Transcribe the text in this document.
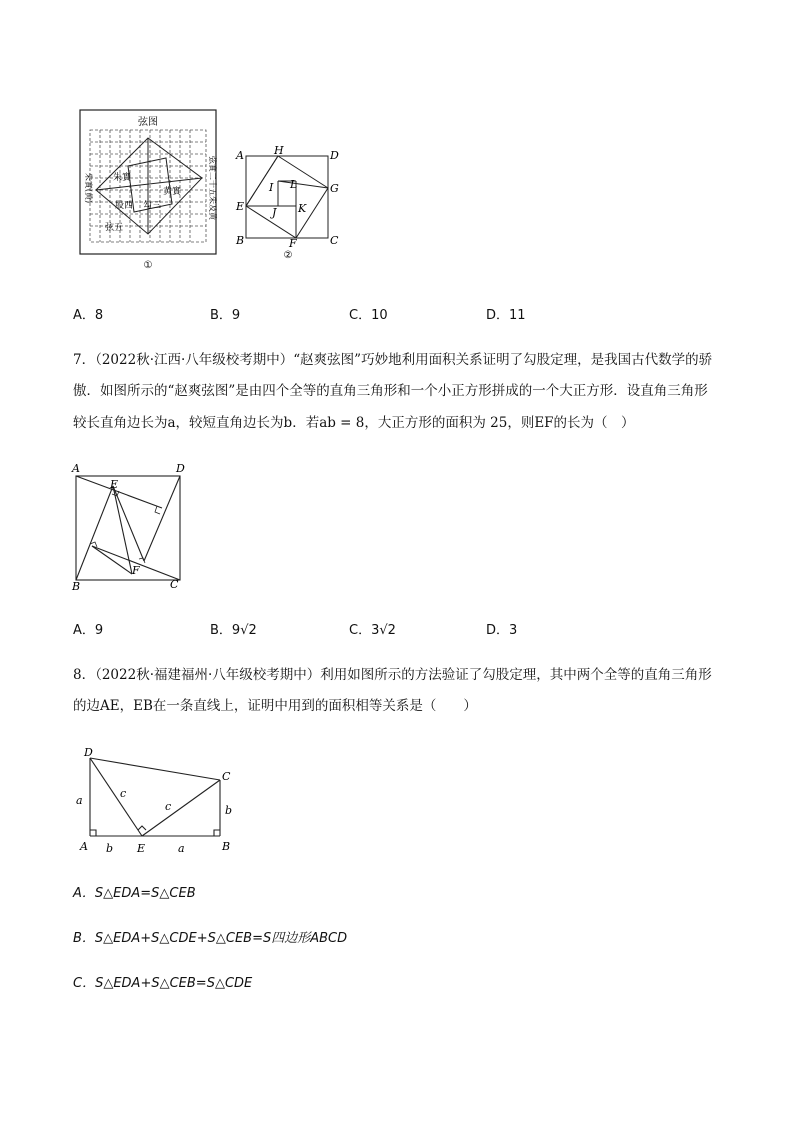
弦图
朱實
黄實
股西 勾三
弦五
朱實(黄)	弦實二十五朱及黄
①
A	H	D
I L	G
E	J K
B	F	C
②
A．8	B．9	C．10	D．11
7．（2022秋·江西·八年级校考期中）“赵爽弦图”巧妙地利用面积关系证明了勾股定理，是我国古代数学的骄
傲．如图所示的“赵爽弦图”是由四个全等的直角三角形和一个小正方形拼成的一个大正方形．设直角三角形
较长直角边长为a，较短直角边长为b．若ab = 8，大正方形的面积为 25，则EF的长为（　）
A	D
E
B
F
C
A．9	B．9√2	C．3√2	D．3
8．（2022秋·福建福州·八年级校考期中）利用如图所示的方法验证了勾股定理，其中两个全等的直角三角形
的边AE，EB在一条直线上，证明中用到的面积相等关系是（　　）
D
C
A	E	B
a
c
c	b
b	a
A．S△EDA=S△CEB
B．S△EDA+S△CDE+S△CEB=S四边形ABCD
C．S△EDA+S△CEB=S△CDE
